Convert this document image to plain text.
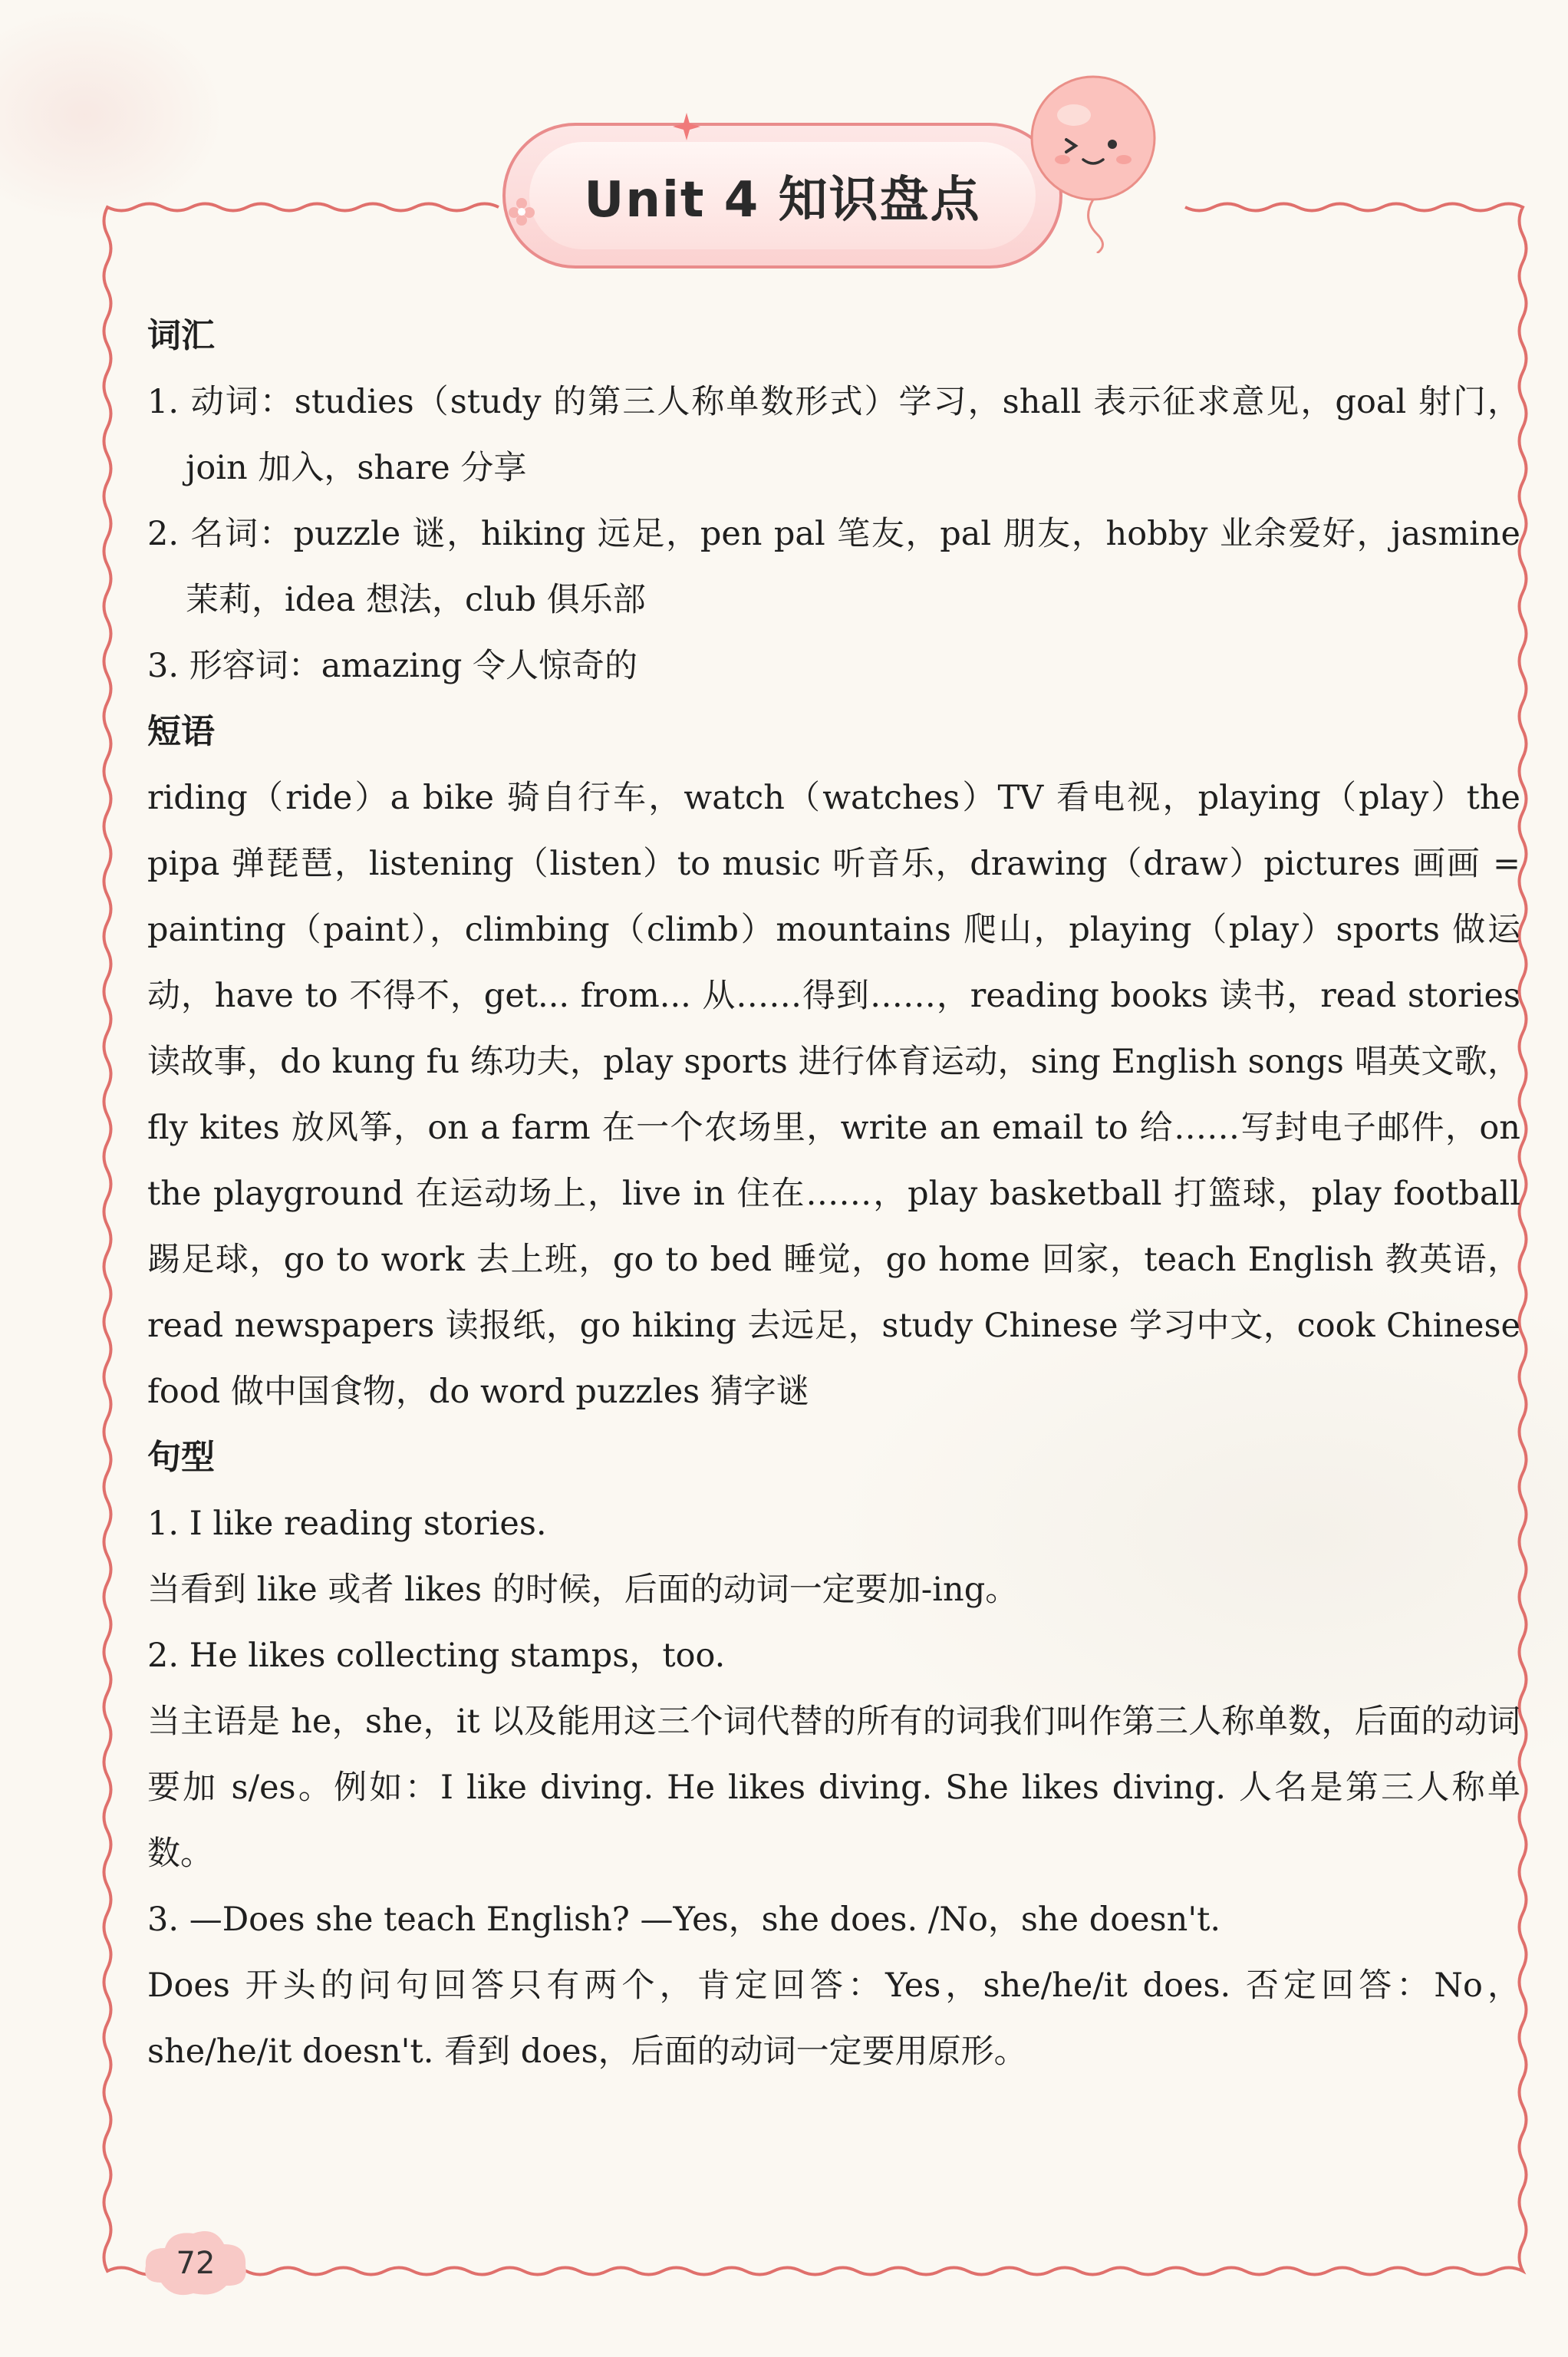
Unit 4 知识盘点

词汇

1. 动词：studies（study 的第三人称单数形式）学习，shall 表示征求意见，goal 射门，join 加入，share 分享

2. 名词：puzzle 谜，hiking 远足，pen pal 笔友，pal 朋友，hobby 业余爱好，jasmine 茉莉，idea 想法，club 俱乐部

3. 形容词：amazing 令人惊奇的

短语

riding（ride）a bike 骑自行车，watch（watches）TV 看电视，playing（play）the pipa 弹琵琶，listening（listen）to music 听音乐，drawing（draw）pictures 画画 = painting（paint），climbing（climb）mountains 爬山，playing（play）sports 做运动，have to 不得不，get... from... 从……得到……，reading books 读书，read stories 读故事，do kung fu 练功夫，play sports 进行体育运动，sing English songs 唱英文歌，fly kites 放风筝，on a farm 在一个农场里，write an email to 给……写封电子邮件，on the playground 在运动场上，live in 住在……，play basketball 打篮球，play football 踢足球，go to work 去上班，go to bed 睡觉，go home 回家，teach English 教英语，read newspapers 读报纸，go hiking 去远足，study Chinese 学习中文，cook Chinese food 做中国食物，do word puzzles 猜字谜

句型

1. I like reading stories.

当看到 like 或者 likes 的时候，后面的动词一定要加-ing。

2. He likes collecting stamps，too.

当主语是 he，she，it 以及能用这三个词代替的所有的词我们叫作第三人称单数，后面的动词要加 s/es。例如：I like diving. He likes diving. She likes diving. 人名是第三人称单数。

3. —Does she teach English? —Yes，she does. /No，she doesn't.

Does 开头的问句回答只有两个，肯定回答：Yes，she/he/it does. 否定回答：No，she/he/it doesn't. 看到 does，后面的动词一定要用原形。

72
